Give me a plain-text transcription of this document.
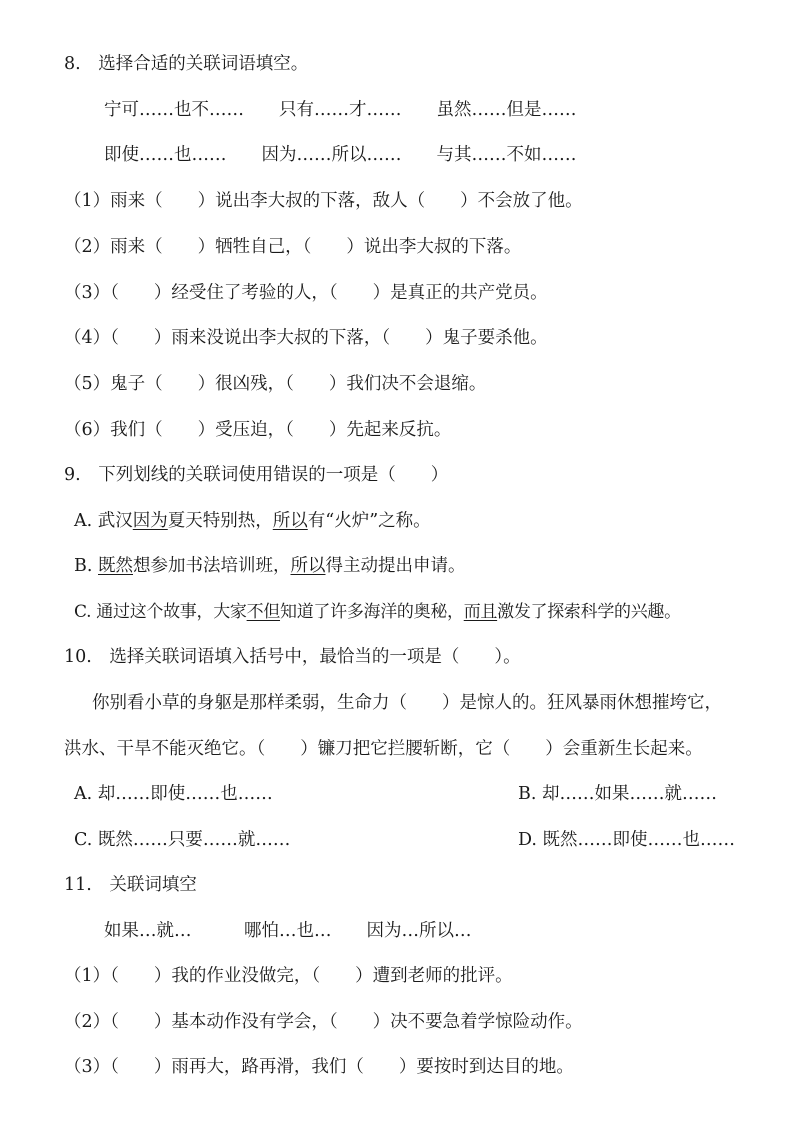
8.　选择合适的关联词语填空。
宁可……也不……　　只有……才……　　虽然……但是……
即使……也……　　因为……所以……　　与其……不如……
（1）雨来（　　）说出李大叔的下落，敌人（　　）不会放了他。
（2）雨来（　　）牺牲自己，（　　）说出李大叔的下落。
（3）（　　）经受住了考验的人，（　　）是真正的共产党员。
（4）（　　）雨来没说出李大叔的下落，（　　）鬼子要杀他。
（5）鬼子（　　）很凶残，（　　）我们决不会退缩。
（6）我们（　　）受压迫，（　　）先起来反抗。
9.　下列划线的关联词使用错误的一项是（　　）
A. 武汉因为夏天特别热，所以有“火炉”之称。
B. 既然想参加书法培训班，所以得主动提出申请。
C. 通过这个故事，大家不但知道了许多海洋的奥秘，而且激发了探索科学的兴趣。
10.　选择关联词语填入括号中，最恰当的一项是（　　）。
你别看小草的身躯是那样柔弱，生命力（　　）是惊人的。狂风暴雨休想摧垮它，
洪水、干旱不能灭绝它。（　　）镰刀把它拦腰斩断，它（　　）会重新生长起来。
A. 却……即使……也……	B. 却……如果……就……
C. 既然……只要……就……	D. 既然……即使……也……
11.　关联词填空
如果…就…　　　哪怕…也…　　因为…所以…
（1）（　　）我的作业没做完，（　　）遭到老师的批评。
（2）（　　）基本动作没有学会，（　　）决不要急着学惊险动作。
（3）（　　）雨再大，路再滑，我们（　　）要按时到达目的地。
